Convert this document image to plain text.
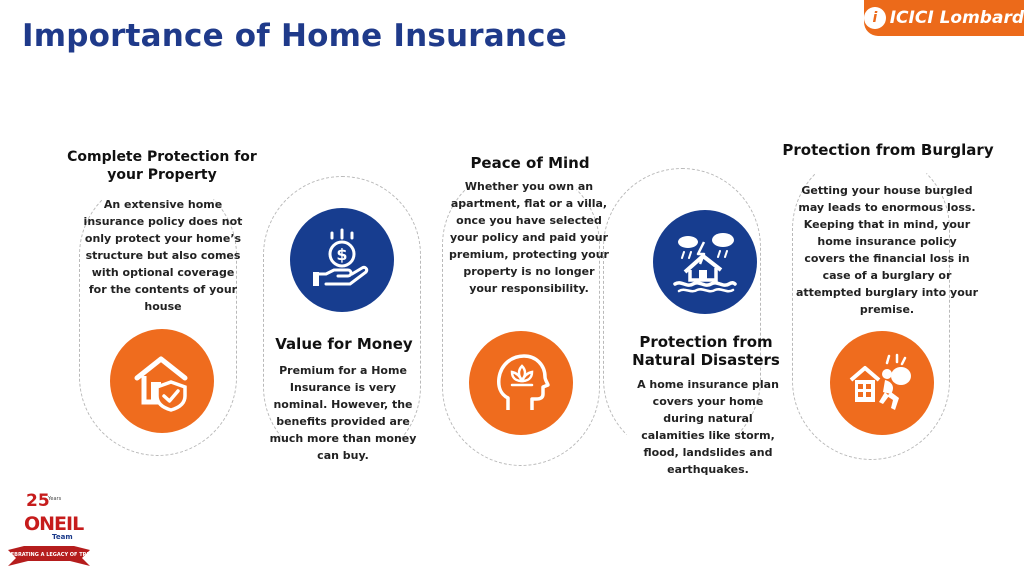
Importance of Home Insurance	i ICICI Lombard
Complete Protection for your Property
An extensive home insurance policy does not only protect your home’s structure but also comes with optional coverage for the contents of your house
$
Value for Money
Premium for a Home Insurance is very nominal. However, the benefits provided are much more than money can buy.
Peace of Mind
Whether you own an apartment, flat or a villa, once you have selected your policy and paid your premium, protecting your property is no longer your responsibility.
Protection from Natural Disasters
A home insurance plan covers your home during natural calamities like storm, flood, landslides and earthquakes.
Protection from Burglary
Getting your house burgled may leads to enormous loss. Keeping that in mind, your home insurance policy covers the financial loss in case of a burglary or attempted burglary into your premise.
25
Years
ONEIL
Team
CELEBRATING A LEGACY OF TRUST
